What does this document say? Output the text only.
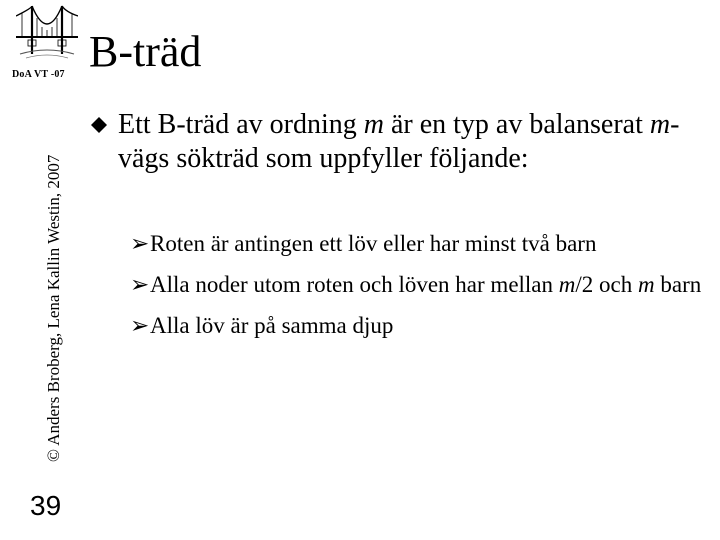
DoA VT -07
© Anders Broberg, Lena Kallin Westin, 2007
39
B-träd
Ett B-träd av ordning m är en typ av balanserat m-vägs sökträd som uppfyller följande:
➢ Roten är antingen ett löv eller har minst två barn
➢ Alla noder utom roten och löven har mellan m/2 och m barn
➢ Alla löv är på samma djup
